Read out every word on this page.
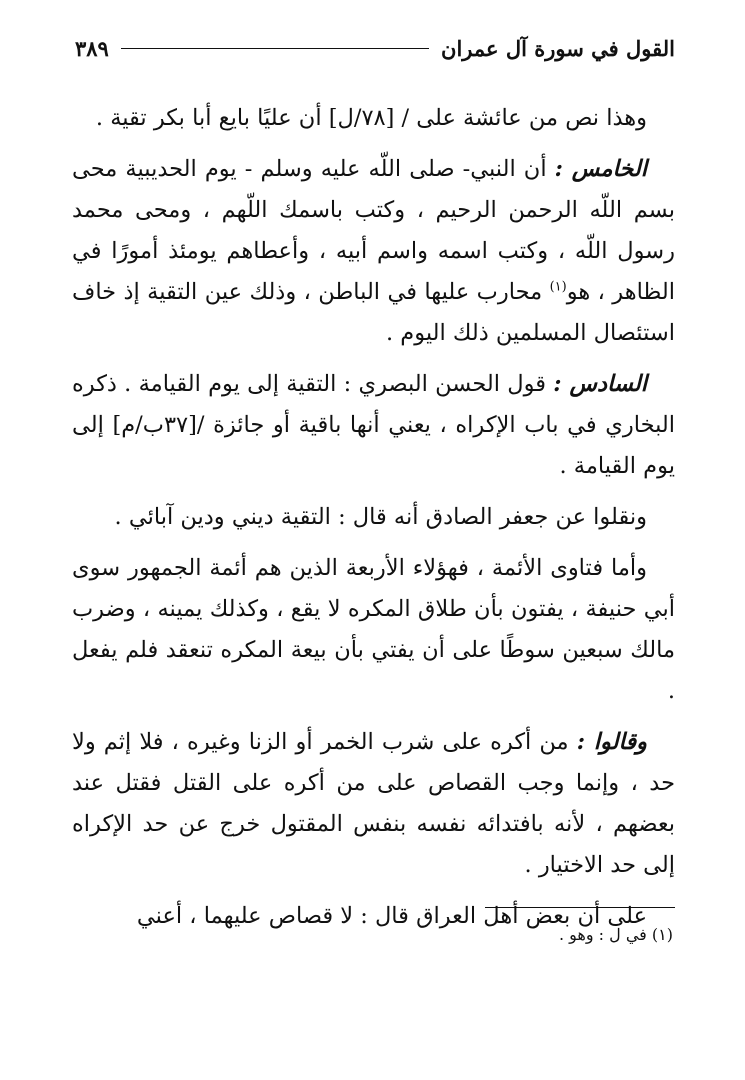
القول في سورة آل عمران
٣٨٩

وهذا نص من عائشة على / [٧٨/ل] أن عليًا بايع أبا بكر تقية .

الخامس : أن النبي- صلى اللّه عليه وسلم - يوم الحديبية محى بسم اللّه الرحمن الرحيم ، وكتب باسمك اللّهم ، ومحى محمد رسول اللّه ، وكتب اسمه واسم أبيه ، وأعطاهم يومئذ أمورًا في الظاهر ، هو$^{(١)}$ محارب عليها في الباطن ، وذلك عين التقية إذ خاف استئصال المسلمين ذلك اليوم .

السادس : قول الحسن البصري : التقية إلى يوم القيامة . ذكره البخاري في باب الإكراه ، يعني أنها باقية أو جائزة /[٣٧ب/م] إلى يوم القيامة .

ونقلوا عن جعفر الصادق أنه قال : التقية ديني ودين آبائي .

وأما فتاوى الأئمة ، فهؤلاء الأربعة الذين هم أئمة الجمهور سوى أبي حنيفة ، يفتون بأن طلاق المكره لا يقع ، وكذلك يمينه ، وضرب مالك سبعين سوطًا على أن يفتي بأن بيعة المكره تنعقد فلم يفعل .

وقالوا : من أكره على شرب الخمر أو الزنا وغيره ، فلا إثم ولا حد ، وإنما وجب القصاص على من أكره على القتل فقتل عند بعضهم ، لأنه بافتدائه نفسه بنفس المقتول خرج عن حد الإكراه إلى حد الاختيار .

على أن بعض أهل العراق قال : لا قصاص عليهما ، أعني

(١) في ل : وهو .
